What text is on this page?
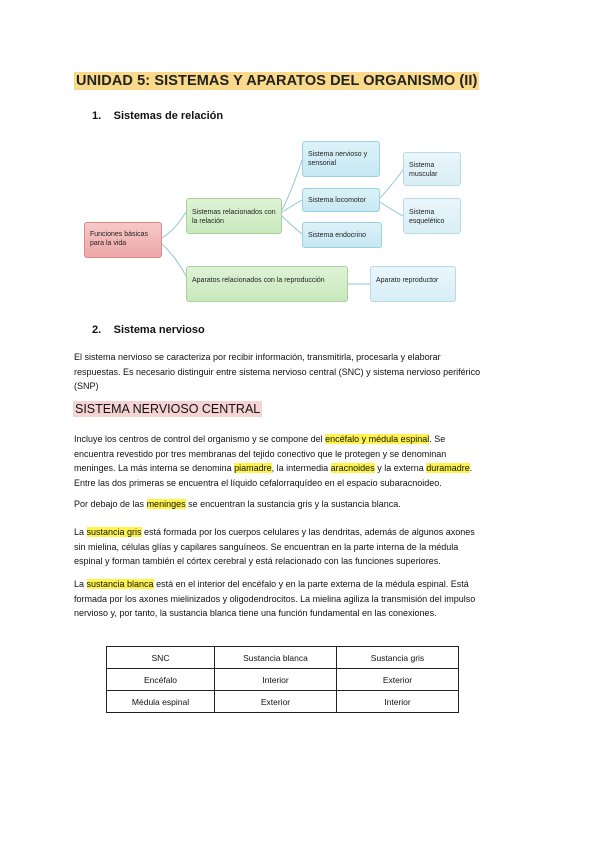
UNIDAD 5: SISTEMAS Y APARATOS DEL ORGANISMO (II)
1. Sistemas de relación
Funciones básicas para la vida
Sistemas relacionados con la relación
Aparatos relacionados con la reproducción
Sistema nervioso y sensorial
Sistema locomotor
Sistema endocrino
Sistema muscular
Sistema esquelético
Aparato reproductor
2. Sistema nervioso
El sistema nervioso se caracteriza por recibir información, transmitirla, procesarla y elaborar
respuestas. Es necesario distinguir entre sistema nervioso central (SNC) y sistema nervioso periférico
(SNP)
SISTEMA NERVIOSO CENTRAL
Incluye los centros de control del organismo y se compone del encéfalo y médula espinal. Se
encuentra revestido por tres membranas del tejido conectivo que le protegen y se denominan
meninges. La más interna se denomina piamadre, la intermedia aracnoides y la externa duramadre.
Entre las dos primeras se encuentra el líquido cefalorraquídeo en el espacio subaracnoideo.
Por debajo de las meninges se encuentran la sustancia gris y la sustancia blanca.
La sustancia gris está formada por los cuerpos celulares y las dendritas, además de algunos axones
sin mielina, células glías y capilares sanguíneos. Se encuentran en la parte interna de la médula
espinal y forman también el córtex cerebral y está relacionado con las funciones superiores.
La sustancia blanca está en el interior del encéfalo y en la parte externa de la médula espinal. Está
formada por los axones mielinizados y oligodendrocitos. La mielina agiliza la transmisión del impulso
nervioso y, por tanto, la sustancia blanca tiene una función fundamental en las conexiones.
SNC	Sustancia blanca	Sustancia gris
Encéfalo	Interior	Exterior
Médula espinal	Exterior	Interior
